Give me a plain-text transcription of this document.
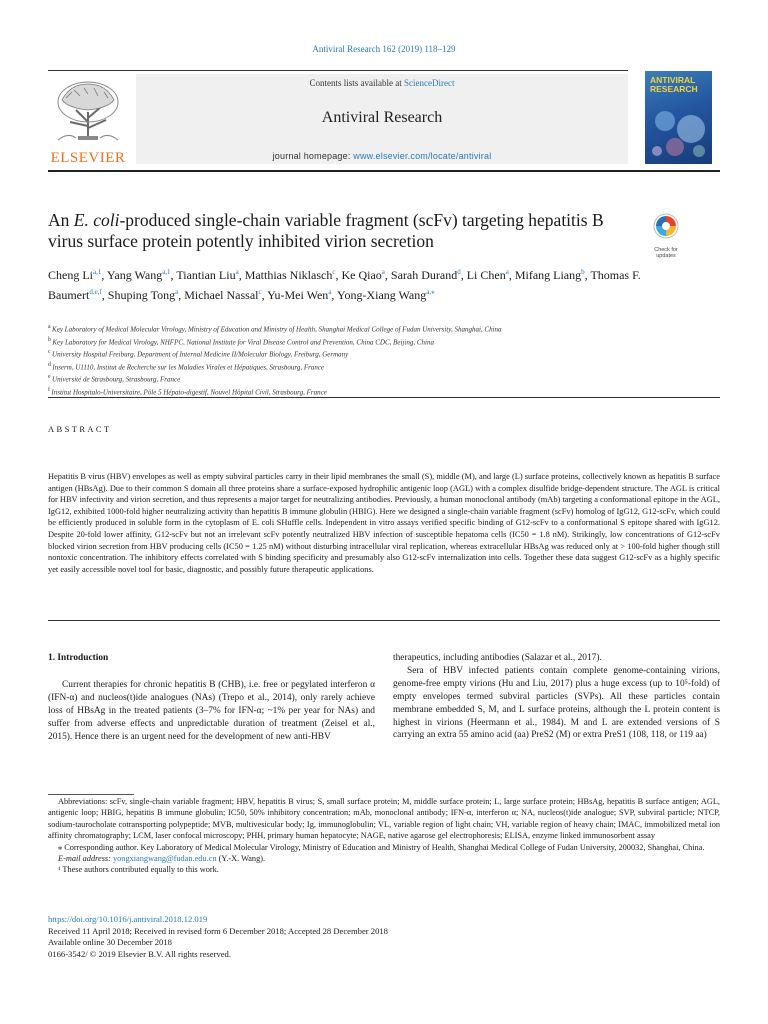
Antiviral Research 162 (2019) 118–129
ELSEVIER
Contents lists available at ScienceDirect
Antiviral Research
journal homepage: www.elsevier.com/locate/antiviral
ANTIVIRAL RESEARCH
An E. coli-produced single-chain variable fragment (scFv) targeting hepatitis B virus surface protein potently inhibited virion secretion	Check for updates
Cheng Li$^{a,1}$, Yang Wang$^{a,1}$, Tiantian Liu$^a$, Matthias Niklasch$^c$, Ke Qiao$^a$, Sarah Durand$^d$, Li Chen$^a$, Mifang Liang$^b$, Thomas F. Baumert$^{d,e,f}$, Shuping Tong$^a$, Michael Nassal$^c$, Yu-Mei Wen$^a$, Yong-Xiang Wang$^{a,⁎}$
$^a$ Key Laboratory of Medical Molecular Virology, Ministry of Education and Ministry of Health, Shanghai Medical College of Fudan University, Shanghai, China
$^b$ Key Laboratory for Medical Virology, NHFPC, National Institute for Viral Disease Control and Prevention, China CDC, Beijing, China
$^c$ University Hospital Freiburg, Department of Internal Medicine II/Molecular Biology, Freiburg, Germany
$^d$ Inserm, U1110, Institut de Recherche sur les Maladies Virales et Hépatiques, Strasbourg, France
$^e$ Université de Strasbourg, Strasbourg, France
$^f$ Institut Hospitalo-Universitaire, Pôle 5 Hépato-digestif, Nouvel Hôpital Civil, Strasbourg, France
ABSTRACT
Hepatitis B virus (HBV) envelopes as well as empty subviral particles carry in their lipid membranes the small (S), middle (M), and large (L) surface proteins, collectively known as hepatitis B surface antigen (HBsAg). Due to their common S domain all three proteins share a surface-exposed hydrophilic antigenic loop (AGL) with a complex disulfide bridge-dependent structure. The AGL is critical for HBV infectivity and virion secretion, and thus represents a major target for neutralizing antibodies. Previously, a human monoclonal antibody (mAb) targeting a conformational epitope in the AGL, IgG12, exhibited 1000-fold higher neutralizing activity than hepatitis B immune globulin (HBIG). Here we designed a single-chain variable fragment (scFv) homolog of IgG12, G12-scFv, which could be efficiently produced in soluble form in the cytoplasm of E. coli SHuffle cells. Independent in vitro assays verified specific binding of G12-scFv to a conformational S epitope shared with IgG12. Despite 20-fold lower affinity, G12-scFv but not an irrelevant scFv potently neutralized HBV infection of susceptible hepatoma cells (IC50 = 1.8 nM). Strikingly, low concentrations of G12-scFv blocked virion secretion from HBV producing cells (IC50 = 1.25 nM) without disturbing intracellular viral replication, whereas extracellular HBsAg was reduced only at > 100-fold higher though still nontoxic concentration. The inhibitory effects correlated with S binding specificity and presumably also G12-scFv internalization into cells. Together these data suggest G12-scFv as a highly specific yet easily accessible novel tool for basic, diagnostic, and possibly future therapeutic applications.
1. Introduction

Current therapies for chronic hepatitis B (CHB), i.e. free or pegylated interferon α (IFN-α) and nucleos(t)ide analogues (NAs) (Trepo et al., 2014), only rarely achieve loss of HBsAg in the treated patients (3–7% for IFN-α; ~1% per year for NAs) and suffer from adverse effects and unpredictable duration of treatment (Zeisel et al., 2015). Hence there is an urgent need for the development of new anti-HBV

therapeutics, including antibodies (Salazar et al., 2017).

Sera of HBV infected patients contain complete genome-containing virions, genome-free empty virions (Hu and Liu, 2017) plus a huge excess (up to 10⁵-fold) of empty envelopes termed subviral particles (SVPs). All these particles contain membrane embedded S, M, and L surface proteins, although the L protein content is highest in virions (Heermann et al., 1984). M and L are extended versions of S carrying an extra 55 amino acid (aa) PreS2 (M) or extra PreS1 (108, 118, or 119 aa)

Abbreviations: scFv, single-chain variable fragment; HBV, hepatitis B virus; S, small surface protein; M, middle surface protein; L, large surface protein; HBsAg, hepatitis B surface antigen; AGL, antigenic loop; HBIG, hepatitis B immune globulin; IC50, 50% inhibitory concentration; mAb, monoclonal antibody; IFN-α, interferon α; NA, nucleos(t)ide analogue; SVP, subviral particle; NTCP, sodium-taurocholate cotransporting polypeptide; MVB, multivesicular body; Ig, immunoglobulin; VL, variable region of light chain; VH, variable region of heavy chain; IMAC, immobilized metal ion affinity chromatography; LCM, laser confocal microscopy; PHH, primary human hepatocyte; NAGE, native agarose gel electrophoresis; ELISA, enzyme linked immunosorbent assay

⁎ Corresponding author. Key Laboratory of Medical Molecular Virology, Ministry of Education and Ministry of Health, Shanghai Medical College of Fudan University, 200032, Shanghai, China.

E-mail address: yongxiangwang@fudan.edu.cn (Y.-X. Wang).

¹ These authors contributed equally to this work.

https://doi.org/10.1016/j.antiviral.2018.12.019
Received 11 April 2018; Received in revised form 6 December 2018; Accepted 28 December 2018
Available online 30 December 2018
0166-3542/ © 2019 Elsevier B.V. All rights reserved.
